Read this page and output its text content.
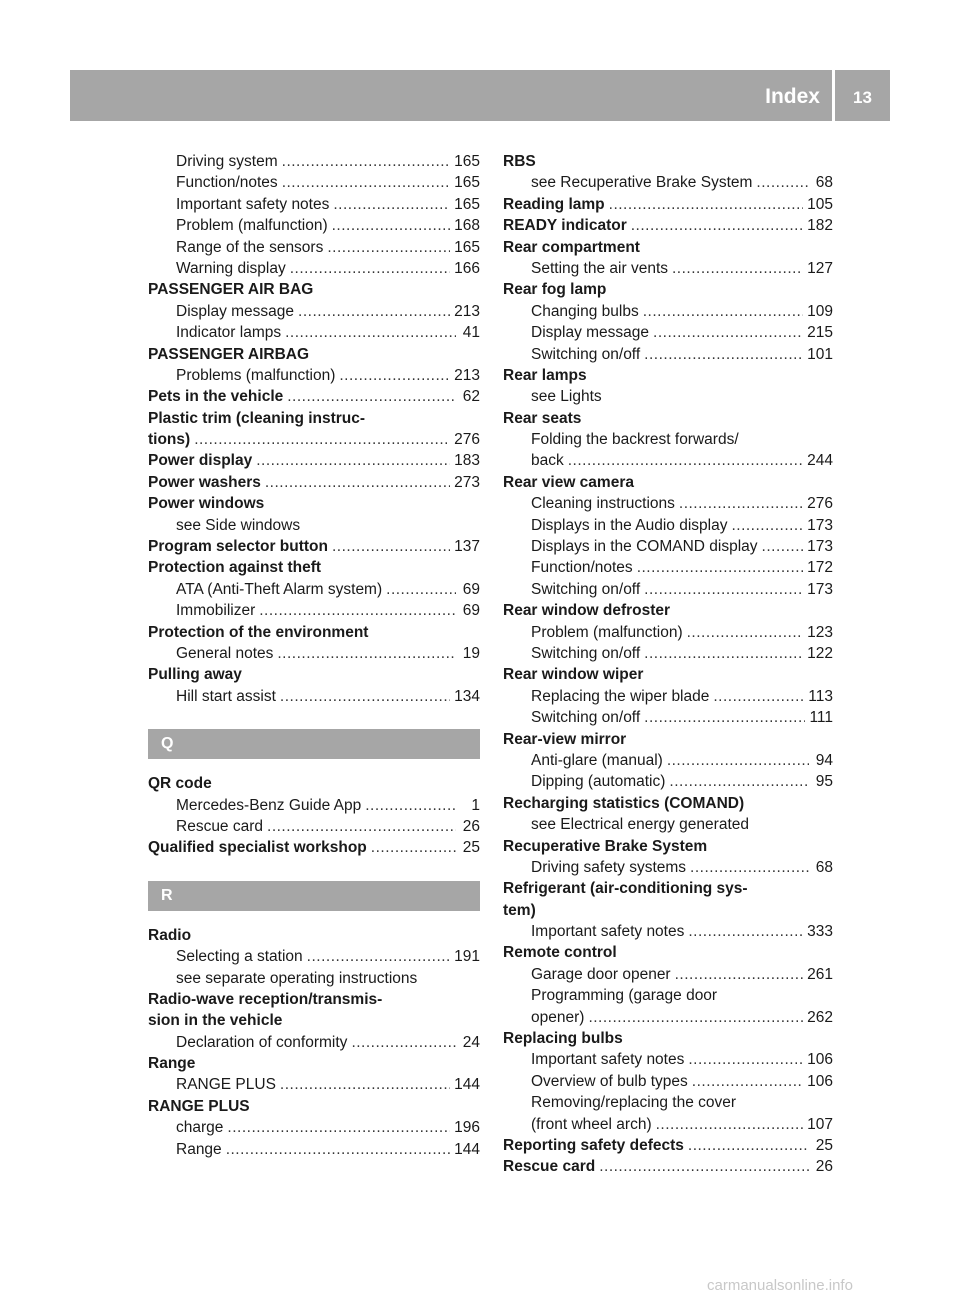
Index 13
Driving system .....	165
Function/notes .....	165
Important safety notes .....	165
Problem (malfunction) .....	168
Range of the sensors .....	165
Warning display .....	166
PASSENGER AIR BAG
Display message .....	213
Indicator lamps .....	41
PASSENGER AIRBAG
Problems (malfunction) .....	213
Pets in the vehicle .....	62
Plastic trim (cleaning instruc-
tions) .....	276
Power display .....	183
Power washers .....	273
Power windows
see Side windows
Program selector button .....	137
Protection against theft
ATA (Anti-Theft Alarm system) .....	69
Immobilizer .....	69
Protection of the environment
General notes .....	19
Pulling away
Hill start assist .....	134
Q
QR code
Mercedes-Benz Guide App .....	1
Rescue card .....	26
Qualified specialist workshop .....	25
R
Radio
Selecting a station .....	191
see separate operating instructions
Radio-wave reception/transmis-
sion in the vehicle
Declaration of conformity .....	24
Range
RANGE PLUS .....	144
RANGE PLUS
charge .....	196
Range .....	144
RBS
see Recuperative Brake System .....	68
Reading lamp .....	105
READY indicator .....	182
Rear compartment
Setting the air vents .....	127
Rear fog lamp
Changing bulbs .....	109
Display message .....	215
Switching on/off .....	101
Rear lamps
see Lights
Rear seats
Folding the backrest forwards/
back .....	244
Rear view camera
Cleaning instructions .....	276
Displays in the Audio display .....	173
Displays in the COMAND display .....	173
Function/notes .....	172
Switching on/off .....	173
Rear window defroster
Problem (malfunction) .....	123
Switching on/off .....	122
Rear window wiper
Replacing the wiper blade .....	113
Switching on/off .....	111
Rear-view mirror
Anti-glare (manual) .....	94
Dipping (automatic) .....	95
Recharging statistics (COMAND)
see Electrical energy generated
Recuperative Brake System
Driving safety systems .....	68
Refrigerant (air-conditioning sys-
tem)
Important safety notes .....	333
Remote control
Garage door opener .....	261
Programming (garage door
opener) .....	262
Replacing bulbs
Important safety notes .....	106
Overview of bulb types .....	106
Removing/replacing the cover
(front wheel arch) .....	107
Reporting safety defects .....	25
Rescue card .....	26
carmanualsonline.info
